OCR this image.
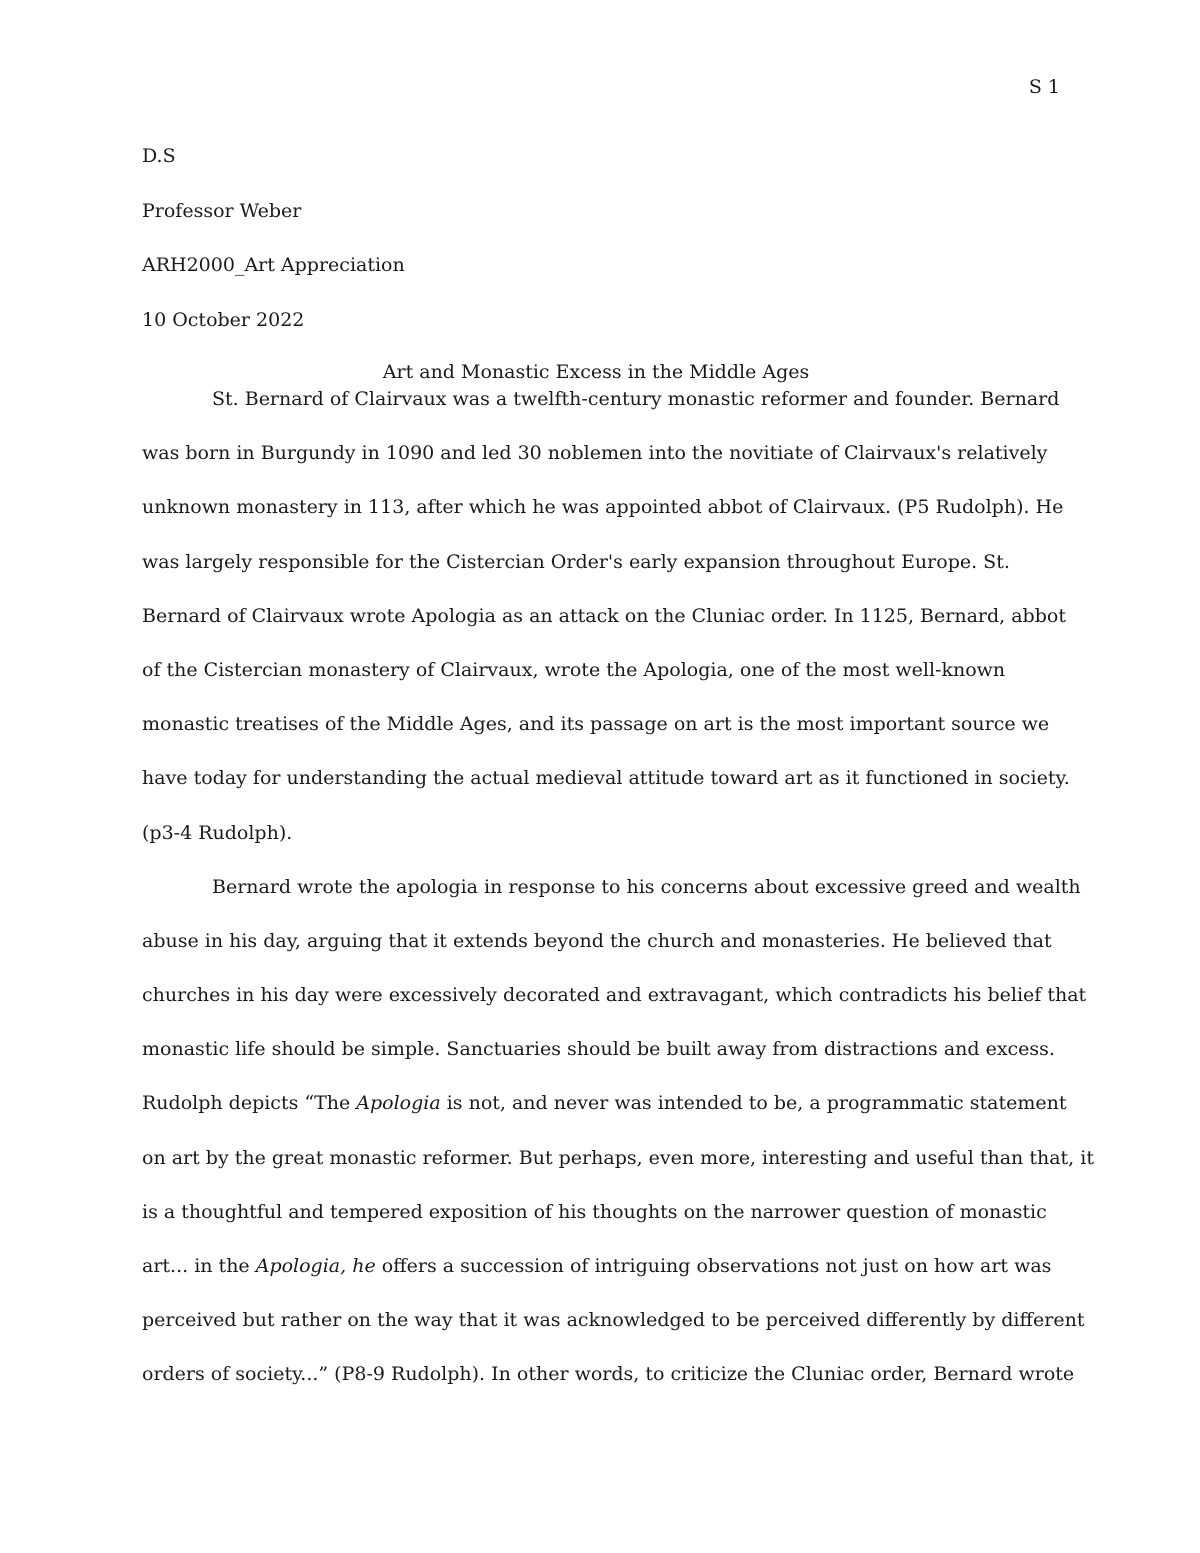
S 1
D.S
Professor Weber
ARH2000_Art Appreciation
10 October 2022
Art and Monastic Excess in the Middle Ages
St. Bernard of Clairvaux was a twelfth-century monastic reformer and founder. Bernard
was born in Burgundy in 1090 and led 30 noblemen into the novitiate of Clairvaux's relatively
unknown monastery in 113, after which he was appointed abbot of Clairvaux. (P5 Rudolph). He
was largely responsible for the Cistercian Order's early expansion throughout Europe. St.
Bernard of Clairvaux wrote Apologia as an attack on the Cluniac order. In 1125, Bernard, abbot
of the Cistercian monastery of Clairvaux, wrote the Apologia, one of the most well-known
monastic treatises of the Middle Ages, and its passage on art is the most important source we
have today for understanding the actual medieval attitude toward art as it functioned in society.
(p3-4 Rudolph).
Bernard wrote the apologia in response to his concerns about excessive greed and wealth
abuse in his day, arguing that it extends beyond the church and monasteries. He believed that
churches in his day were excessively decorated and extravagant, which contradicts his belief that
monastic life should be simple. Sanctuaries should be built away from distractions and excess.
Rudolph depicts “The Apologia is not, and never was intended to be, a programmatic statement
on art by the great monastic reformer. But perhaps, even more, interesting and useful than that, it
is a thoughtful and tempered exposition of his thoughts on the narrower question of monastic
art... in the Apologia, he offers a succession of intriguing observations not just on how art was
perceived but rather on the way that it was acknowledged to be perceived differently by different
orders of society...” (P8-9 Rudolph). In other words, to criticize the Cluniac order, Bernard wrote
